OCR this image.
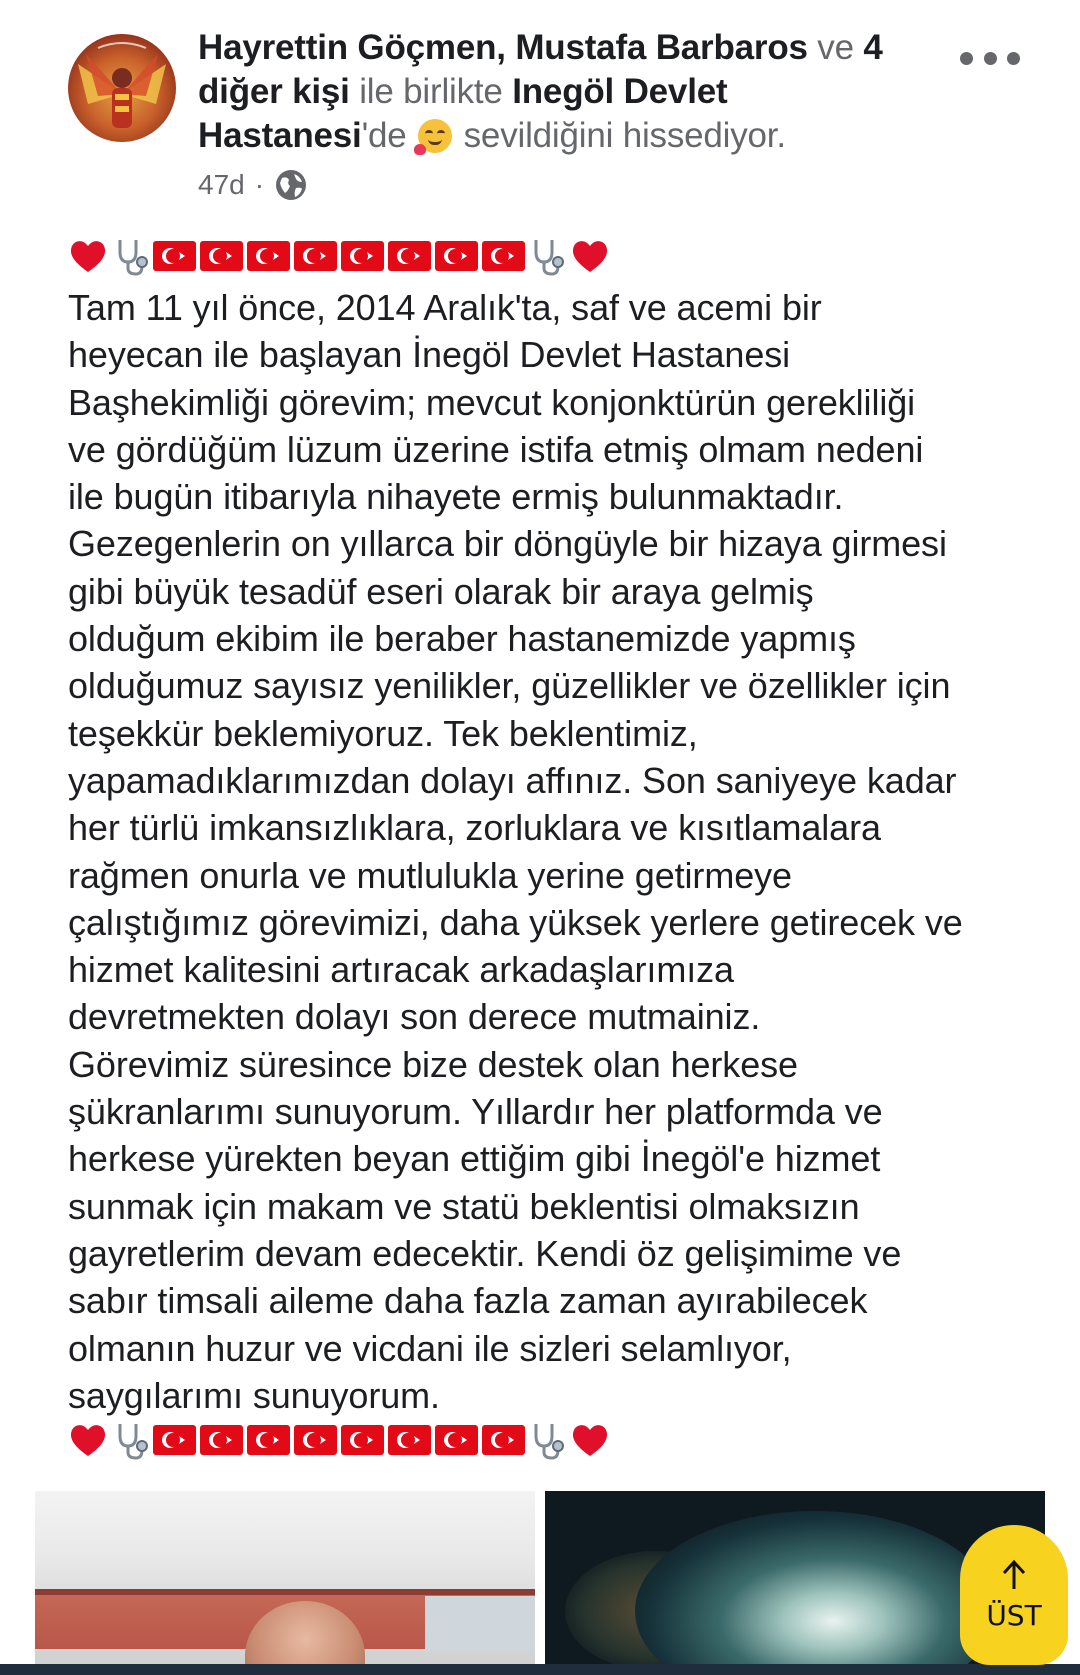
Hayrettin Göçmen, Mustafa Barbaros ve 4 diğer kişi ile birlikte Inegöl Devlet Hastanesi'de
sevildiğini hissediyor.
47d ·
Tam 11 yıl önce, 2014 Aralık'ta, saf ve acemi bir
heyecan ile başlayan İnegöl Devlet Hastanesi
Başhekimliği görevim; mevcut konjonktürün gerekliliği
ve gördüğüm lüzum üzerine istifa etmiş olmam nedeni
ile bugün itibarıyla nihayete ermiş bulunmaktadır.
Gezegenlerin on yıllarca bir döngüyle bir hizaya girmesi
gibi büyük tesadüf eseri olarak bir araya gelmiş
olduğum ekibim ile beraber hastanemizde yapmış
olduğumuz sayısız yenilikler, güzellikler ve özellikler için
teşekkür beklemiyoruz. Tek beklentimiz,
yapamadıklarımızdan dolayı affınız. Son saniyeye kadar
her türlü imkansızlıklara, zorluklara ve kısıtlamalara
rağmen onurla ve mutlulukla yerine getirmeye
çalıştığımız görevimizi, daha yüksek yerlere getirecek ve
hizmet kalitesini artıracak arkadaşlarımıza
devretmekten dolayı son derece mutmainiz.
Görevimiz süresince bize destek olan herkese
şükranlarımı sunuyorum. Yıllardır her platformda ve
herkese yürekten beyan ettiğim gibi İnegöl'e hizmet
sunmak için makam ve statü beklentisi olmaksızın
gayretlerim devam edecektir. Kendi öz gelişimime ve
sabır timsali aileme daha fazla zaman ayırabilecek
olmanın huzur ve vicdani ile sizleri selamlıyor,
saygılarımı sunuyorum.
ÜST
